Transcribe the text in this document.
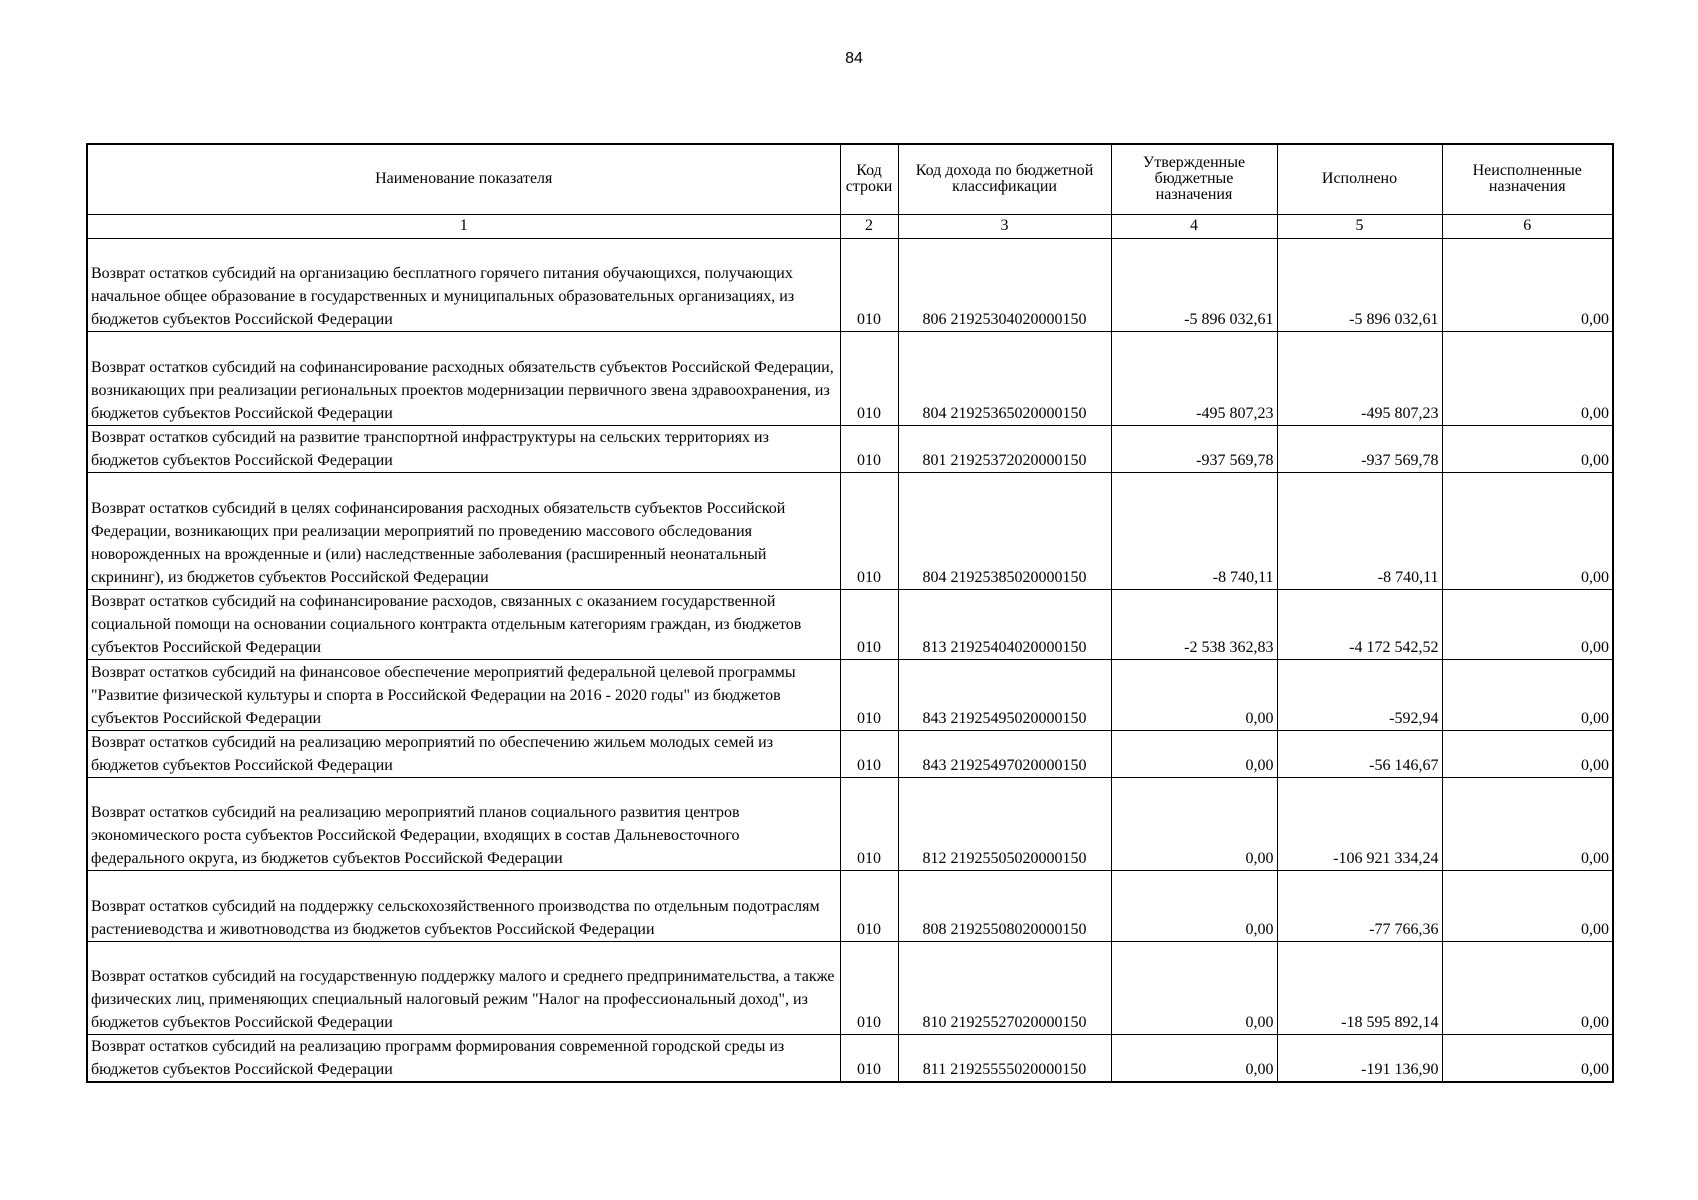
84
Наименование показателя	Код строки	Код дохода по бюджетной классификации	Утвержденные бюджетные назначения	Исполнено	Неисполненные назначения
1	2	3	4	5	6
Возврат остатков субсидий на организацию бесплатного горячего питания обучающихся, получающих начальное общее образование в государственных и муниципальных образовательных организациях, из бюджетов субъектов Российской Федерации	010	806 21925304020000150	-5 896 032,61	-5 896 032,61	0,00
Возврат остатков субсидий на софинансирование расходных обязательств субъектов Российской Федерации, возникающих при реализации региональных проектов модернизации первичного звена здравоохранения, из бюджетов субъектов Российской Федерации	010	804 21925365020000150	-495 807,23	-495 807,23	0,00
Возврат остатков субсидий на развитие транспортной инфраструктуры на сельских территориях из бюджетов субъектов Российской Федерации	010	801 21925372020000150	-937 569,78	-937 569,78	0,00
Возврат остатков субсидий в целях софинансирования расходных обязательств субъектов Российской Федерации, возникающих при реализации мероприятий по проведению массового обследования новорожденных на врожденные и (или) наследственные заболевания (расширенный неонатальный скрининг), из бюджетов субъектов Российской Федерации	010	804 21925385020000150	-8 740,11	-8 740,11	0,00
Возврат остатков субсидий на софинансирование расходов, связанных с оказанием государственной социальной помощи на основании социального контракта отдельным категориям граждан, из бюджетов субъектов Российской Федерации	010	813 21925404020000150	-2 538 362,83	-4 172 542,52	0,00
Возврат остатков субсидий на финансовое обеспечение мероприятий федеральной целевой программы "Развитие физической культуры и спорта в Российской Федерации на 2016 - 2020 годы" из бюджетов субъектов Российской Федерации	010	843 21925495020000150	0,00	-592,94	0,00
Возврат остатков субсидий на реализацию мероприятий по обеспечению жильем молодых семей из бюджетов субъектов Российской Федерации	010	843 21925497020000150	0,00	-56 146,67	0,00
Возврат остатков субсидий на реализацию мероприятий планов социального развития центров экономического роста субъектов Российской Федерации, входящих в состав Дальневосточного федерального округа, из бюджетов субъектов Российской Федерации	010	812 21925505020000150	0,00	-106 921 334,24	0,00
Возврат остатков субсидий на поддержку сельскохозяйственного производства по отдельным подотраслям растениеводства и животноводства из бюджетов субъектов Российской Федерации	010	808 21925508020000150	0,00	-77 766,36	0,00
Возврат остатков субсидий на государственную поддержку малого и среднего предпринимательства, а также физических лиц, применяющих специальный налоговый режим "Налог на профессиональный доход", из бюджетов субъектов Российской Федерации	010	810 21925527020000150	0,00	-18 595 892,14	0,00
Возврат остатков субсидий на реализацию программ формирования современной городской среды из бюджетов субъектов Российской Федерации	010	811 21925555020000150	0,00	-191 136,90	0,00
